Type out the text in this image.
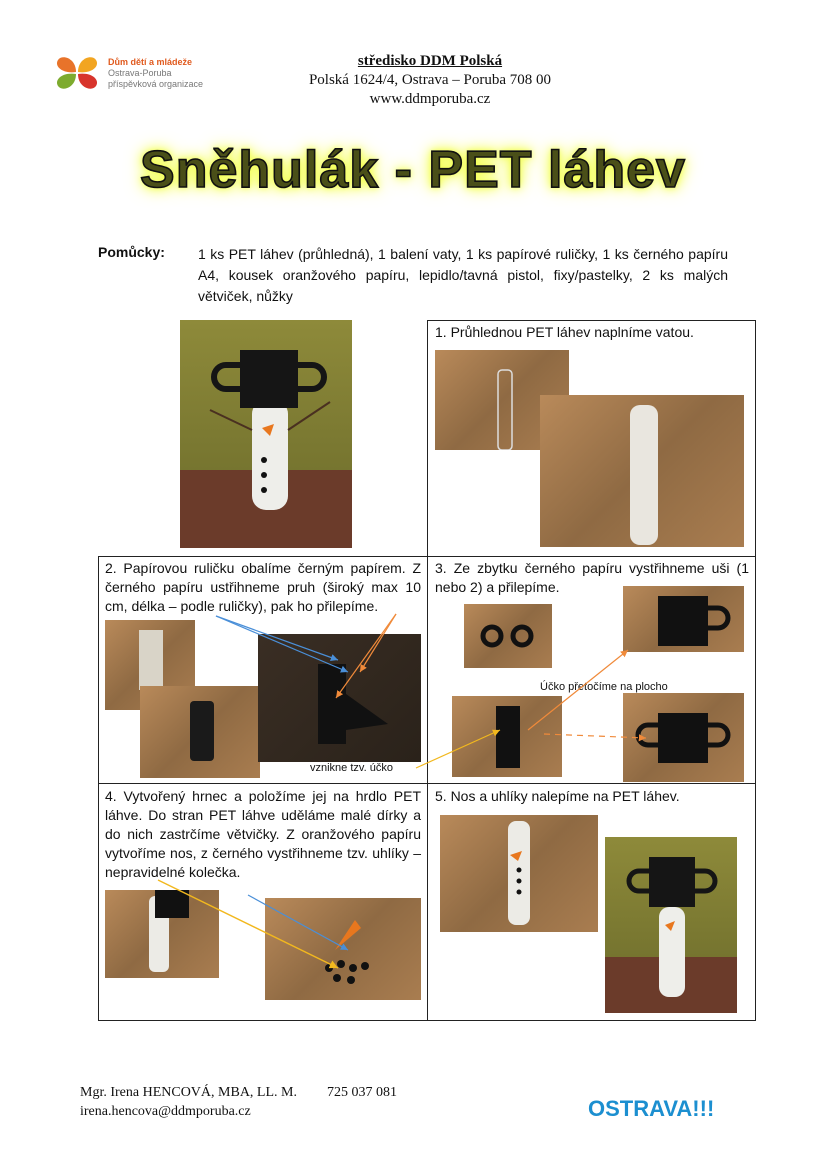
Dům dětí a mládeže
Ostrava-Poruba
příspěvková organizace
středisko DDM Polská
Polská 1624/4, Ostrava – Poruba 708 00
www.ddmporuba.cz
Sněhulák - PET láhev
Pomůcky: 1 ks PET láhev (průhledná), 1 balení vaty, 1 ks papírové ruličky, 1 ks černého papíru A4, kousek oranžového papíru, lepidlo/tavná pistol, fixy/pastelky, 2 ks malých větviček, nůžky
1. Průhlednou PET láhev naplníme vatou.
2. Papírovou ruličku obalíme černým papírem. Z černého papíru ustřihneme pruh (široký max 10 cm, délka – podle ruličky), pak ho přilepíme.
3. Ze zbytku černého papíru vystřihneme uši (1 nebo 2) a přilepíme.
Účko přetočíme na plocho
vznikne tzv. účko
4. Vytvořený hrnec a položíme jej na hrdlo PET láhve. Do stran PET láhve uděláme malé dírky a do nich zastrčíme větvičky. Z oranžového papíru vytvoříme nos, z černého vystřihneme tzv. uhlíky – nepravidelné kolečka.
5. Nos a uhlíky nalepíme na PET láhev.
Mgr. Irena HENCOVÁ, MBA, LL. M. 725 037 081
irena.hencova@ddmporuba.cz	OSTRAVA!!!
